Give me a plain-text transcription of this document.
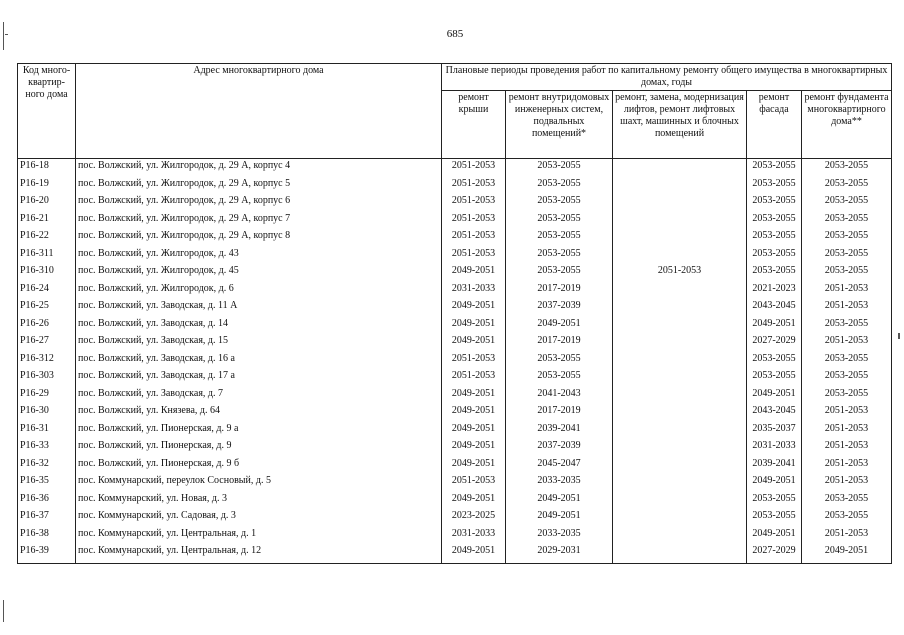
685
Код много-квартир-ного дома	Адрес многоквартирного дома	Плановые периоды проведения работ по капитальному ремонту общего имущества в многоквартирных домах, годы				
		ремонт крыши	ремонт внутридомовых инженерных систем, подвальных помещений*	ремонт, замена, модернизация лифтов, ремонт лифтовых шахт, машинных и блочных помещений	ремонт фасада	ремонт фундамента многоквартирного дома**
Р16-18	пос. Волжский, ул. Жилгородок, д. 29 А, корпус 4	2051-2053	2053-2055		2053-2055	2053-2055
Р16-19	пос. Волжский, ул. Жилгородок, д. 29 А, корпус 5	2051-2053	2053-2055		2053-2055	2053-2055
Р16-20	пос. Волжский, ул. Жилгородок, д. 29 А, корпус 6	2051-2053	2053-2055		2053-2055	2053-2055
Р16-21	пос. Волжский, ул. Жилгородок, д. 29 А, корпус 7	2051-2053	2053-2055		2053-2055	2053-2055
Р16-22	пос. Волжский, ул. Жилгородок, д. 29 А, корпус 8	2051-2053	2053-2055		2053-2055	2053-2055
Р16-311	пос. Волжский, ул. Жилгородок, д. 43	2051-2053	2053-2055		2053-2055	2053-2055
Р16-310	пос. Волжский, ул. Жилгородок, д. 45	2049-2051	2053-2055	2051-2053	2053-2055	2053-2055
Р16-24	пос. Волжский, ул. Жилгородок, д. 6	2031-2033	2017-2019		2021-2023	2051-2053
Р16-25	пос. Волжский, ул. Заводская, д. 11 А	2049-2051	2037-2039		2043-2045	2051-2053
Р16-26	пос. Волжский, ул. Заводская, д. 14	2049-2051	2049-2051		2049-2051	2053-2055
Р16-27	пос. Волжский, ул. Заводская, д. 15	2049-2051	2017-2019		2027-2029	2051-2053
Р16-312	пос. Волжский, ул. Заводская, д. 16 а	2051-2053	2053-2055		2053-2055	2053-2055
Р16-303	пос. Волжский, ул. Заводская, д. 17 а	2051-2053	2053-2055		2053-2055	2053-2055
Р16-29	пос. Волжский, ул. Заводская, д. 7	2049-2051	2041-2043		2049-2051	2053-2055
Р16-30	пос. Волжский, ул. Князева, д. 64	2049-2051	2017-2019		2043-2045	2051-2053
Р16-31	пос. Волжский, ул. Пионерская, д. 9 а	2049-2051	2039-2041		2035-2037	2051-2053
Р16-33	пос. Волжский, ул. Пионерская, д. 9	2049-2051	2037-2039		2031-2033	2051-2053
Р16-32	пос. Волжский, ул. Пионерская, д. 9 б	2049-2051	2045-2047		2039-2041	2051-2053
Р16-35	пос. Коммунарский, переулок Сосновый, д. 5	2051-2053	2033-2035		2049-2051	2051-2053
Р16-36	пос. Коммунарский, ул. Новая, д. 3	2049-2051	2049-2051		2053-2055	2053-2055
Р16-37	пос. Коммунарский, ул. Садовая, д. 3	2023-2025	2049-2051		2053-2055	2053-2055
Р16-38	пос. Коммунарский, ул. Центральная, д. 1	2031-2033	2033-2035		2049-2051	2051-2053
Р16-39	пос. Коммунарский, ул. Центральная, д. 12	2049-2051	2029-2031		2027-2029	2049-2051
